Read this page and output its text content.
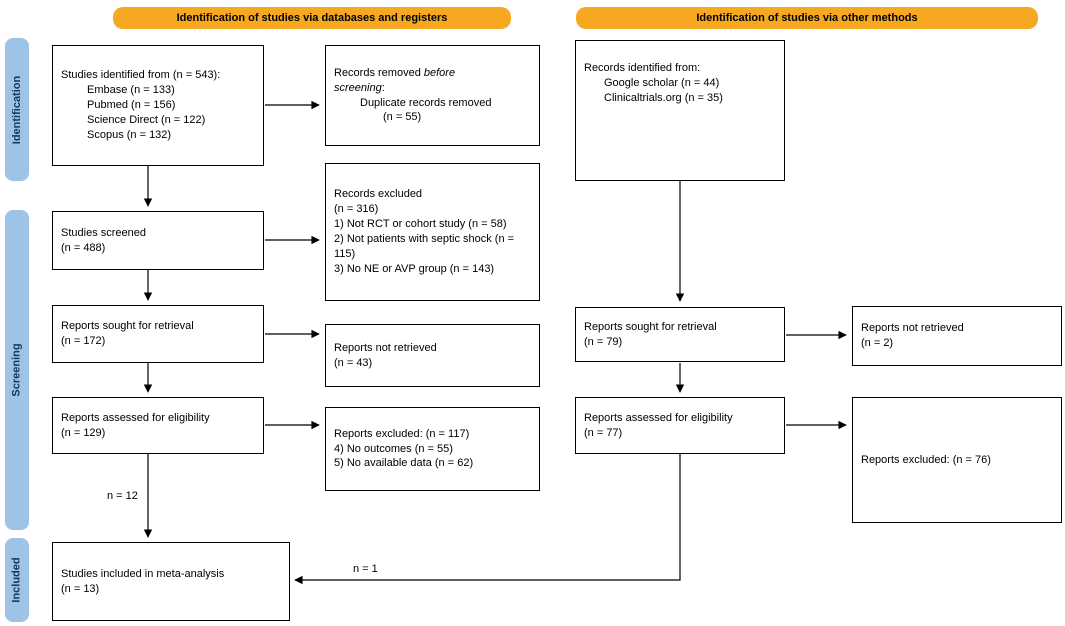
Identification of studies via databases and registers	Identification of studies via other methods
Identification
Screening
Included
Studies identified from (n = 543):
Embase (n = 133)
Pubmed (n = 156)
Science Direct (n = 122)
Scopus (n = 132)
Studies screened
(n = 488)
Reports sought for retrieval
(n = 172)
Reports assessed for eligibility
(n = 129)
Studies included in meta-analysis
(n = 13)
Records removed before screening:
Duplicate records removed
(n = 55)
Records excluded
(n = 316)
1) Not RCT or cohort study (n = 58)
2) Not patients with septic shock (n = 115)
3) No NE or AVP group (n = 143)
Reports not retrieved
(n = 43)
Reports excluded: (n = 117)
4) No outcomes (n = 55)
5) No available data (n = 62)
Records identified from:
Google scholar (n = 44)
Clinicaltrials.org (n = 35)
Reports sought for retrieval
(n = 79)
Reports assessed for eligibility
(n = 77)
Reports not retrieved
(n = 2)
Reports excluded: (n = 76)
n = 12
n = 1
